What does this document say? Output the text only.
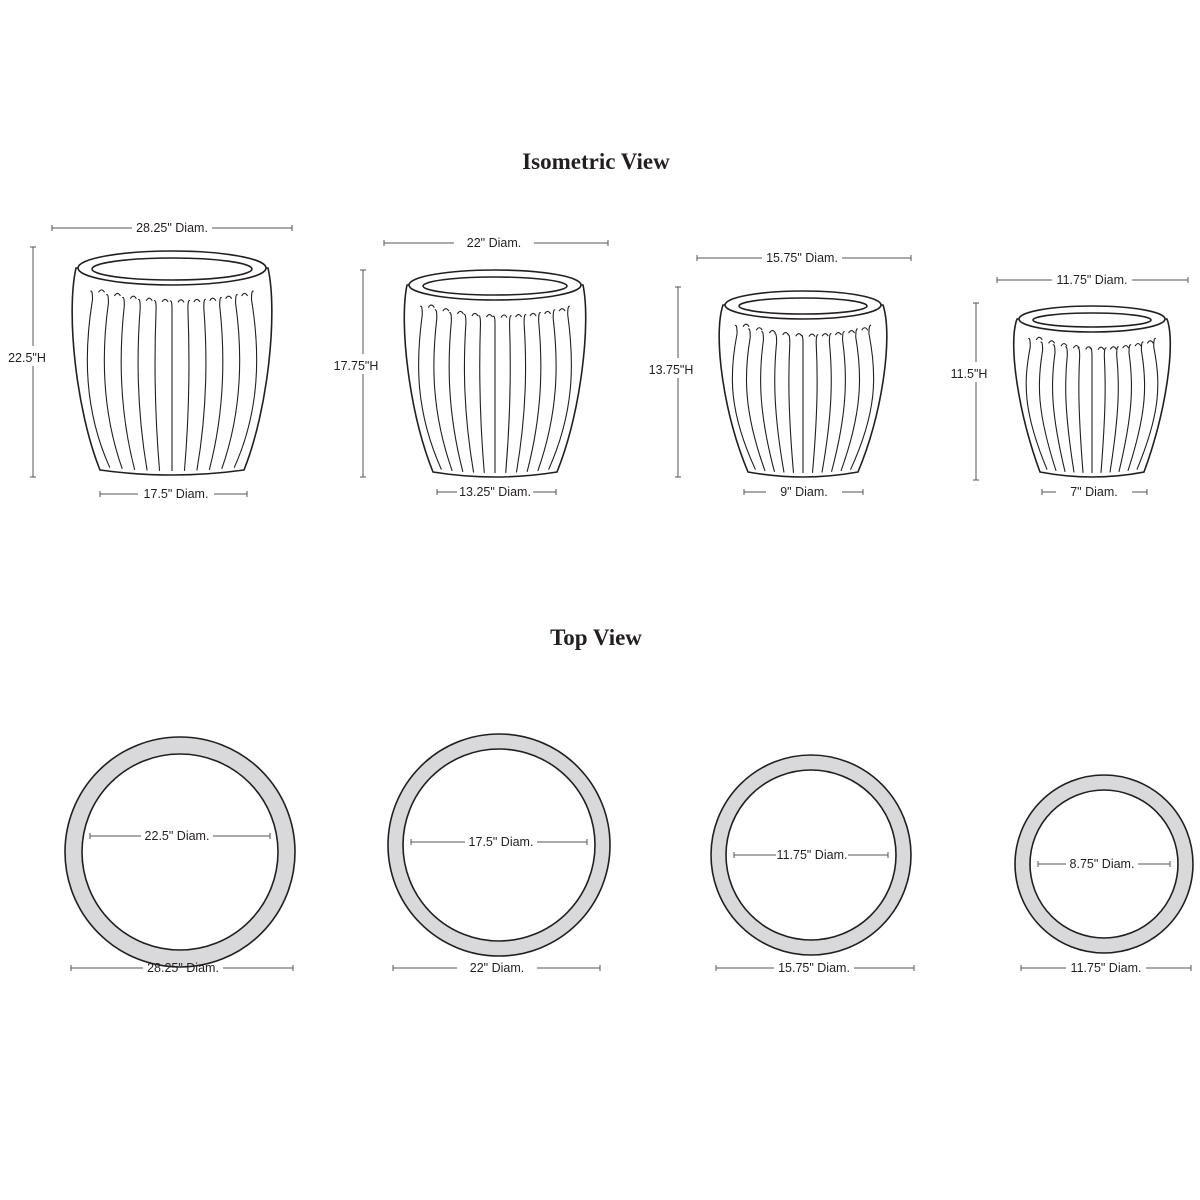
Isometric View
Top View
28.25" Diam.
22.5"H
17.5" Diam.
22" Diam.
17.75"H
13.25" Diam.
15.75" Diam.
13.75"H
9" Diam.
11.75" Diam.
11.5"H
7" Diam.
22.5" Diam.
28.25" Diam.
17.5" Diam.
22" Diam.
11.75" Diam.
15.75" Diam.
8.75" Diam.
11.75" Diam.
